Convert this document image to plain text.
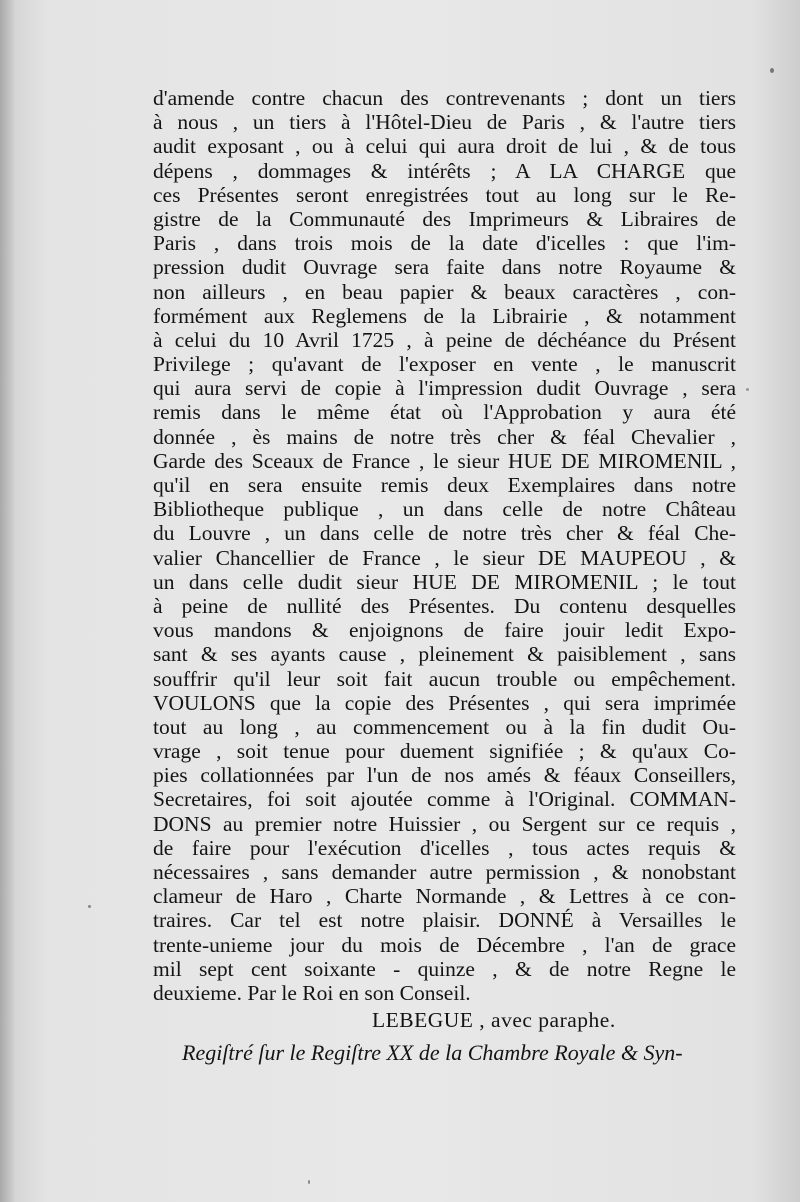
d'amende contre chacun des contrevenants ; dont un tiers
à nous , un tiers à l'Hôtel-Dieu de Paris , & l'autre tiers
audit exposant , ou à celui qui aura droit de lui , & de tous
dépens , dommages & intérêts ; A LA CHARGE que
ces Présentes seront enregistrées tout au long sur le Re-
gistre de la Communauté des Imprimeurs & Libraires de
Paris , dans trois mois de la date d'icelles : que l'im-
pression dudit Ouvrage sera faite dans notre Royaume &
non ailleurs , en beau papier & beaux caractères , con-
formément aux Reglemens de la Librairie , & notamment
à celui du 10 Avril 1725 , à peine de déchéance du Présent
Privilege ; qu'avant de l'exposer en vente , le manuscrit
qui aura servi de copie à l'impression dudit Ouvrage , sera
remis dans le même état où l'Approbation y aura été
donnée , ès mains de notre très cher & féal Chevalier ,
Garde des Sceaux de France , le sieur HUE DE MIROMENIL ,
qu'il en sera ensuite remis deux Exemplaires dans notre
Bibliotheque publique , un dans celle de notre Château
du Louvre , un dans celle de notre très cher & féal Che-
valier Chancellier de France , le sieur DE MAUPEOU , &
un dans celle dudit sieur HUE DE MIROMENIL ; le tout
à peine de nullité des Présentes. Du contenu desquelles
vous mandons & enjoignons de faire jouir ledit Expo-
sant & ses ayants cause , pleinement & paisiblement , sans
souffrir qu'il leur soit fait aucun trouble ou empêchement.
VOULONS que la copie des Présentes , qui sera imprimée
tout au long , au commencement ou à la fin dudit Ou-
vrage , soit tenue pour duement signifiée ; & qu'aux Co-
pies collationnées par l'un de nos amés & féaux Conseillers,
Secretaires, foi soit ajoutée comme à l'Original. COMMAN-
DONS au premier notre Huissier , ou Sergent sur ce requis ,
de faire pour l'exécution d'icelles , tous actes requis &
nécessaires , sans demander autre permission , & nonobstant
clameur de Haro , Charte Normande , & Lettres à ce con-
traires. Car tel est notre plaisir. DONNÉ à Versailles le
trente-unieme jour du mois de Décembre , l'an de grace
mil sept cent soixante - quinze , & de notre Regne le
deuxieme. Par le Roi en son Conseil.
LEBEGUE , avec paraphe.
Regiſtré ſur le Regiſtre XX de la Chambre Royale & Syn-
